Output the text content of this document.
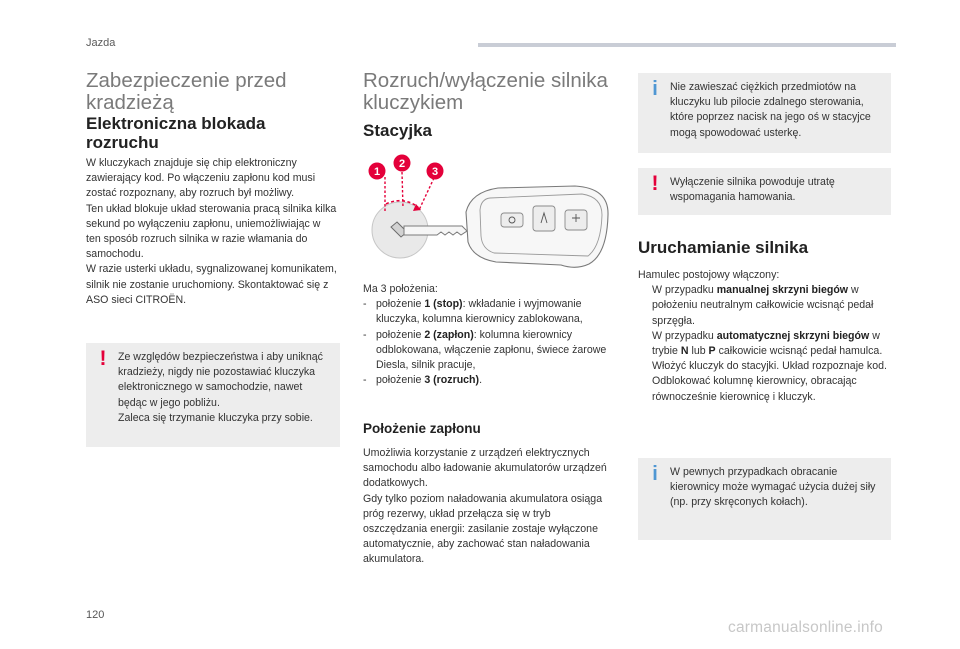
Jazda
Zabezpieczenie przed kradzieżą
Elektroniczna blokada rozruchu
W kluczykach znajduje się chip elektroniczny zawierający kod. Po włączeniu zapłonu kod musi zostać rozpoznany, aby rozruch był możliwy.
Ten układ blokuje układ sterowania pracą silnika kilka sekund po wyłączeniu zapłonu, uniemożliwiając w ten sposób rozruch silnika w razie włamania do samochodu.
W razie usterki układu, sygnalizowanej komunikatem, silnik nie zostanie uruchomiony. Skontaktować się z ASO sieci CITROËN.
!	Ze względów bezpieczeństwa i aby uniknąć kradzieży, nigdy nie pozostawiać kluczyka elektronicznego w samochodzie, nawet będąc w jego pobliżu.
Zaleca się trzymanie kluczyka przy sobie.
Rozruch/wyłączenie silnika kluczykiem
Stacyjka
1
2
3
Ma 3 położenia:
- położenie 1 (stop): wkładanie i wyjmowanie kluczyka, kolumna kierownicy zablokowana,
- położenie 2 (zapłon): kolumna kierownicy odblokowana, włączenie zapłonu, świece żarowe Diesla, silnik pracuje,
- położenie 3 (rozruch).
Położenie zapłonu
Umożliwia korzystanie z urządzeń elektrycznych samochodu albo ładowanie akumulatorów urządzeń dodatkowych.
Gdy tylko poziom naładowania akumulatora osiąga próg rezerwy, układ przełącza się w tryb oszczędzania energii: zasilanie zostaje wyłączone automatycznie, aby zachować stan naładowania akumulatora.
i	Nie zawieszać ciężkich przedmiotów na kluczyku lub pilocie zdalnego sterowania, które poprzez nacisk na jego oś w stacyjce mogą spowodować usterkę.
!	Wyłączenie silnika powoduje utratę wspomagania hamowania.
Uruchamianie silnika
Hamulec postojowy włączony:
W przypadku manualnej skrzyni biegów w położeniu neutralnym całkowicie wcisnąć pedał sprzęgła.
W przypadku automatycznej skrzyni biegów w trybie N lub P całkowicie wcisnąć pedał hamulca.
Włożyć kluczyk do stacyjki. Układ rozpoznaje kod.
Odblokować kolumnę kierownicy, obracając równocześnie kierownicę i kluczyk.
i	W pewnych przypadkach obracanie kierownicy może wymagać użycia dużej siły (np. przy skręconych kołach).
120
carmanualsonline.info
